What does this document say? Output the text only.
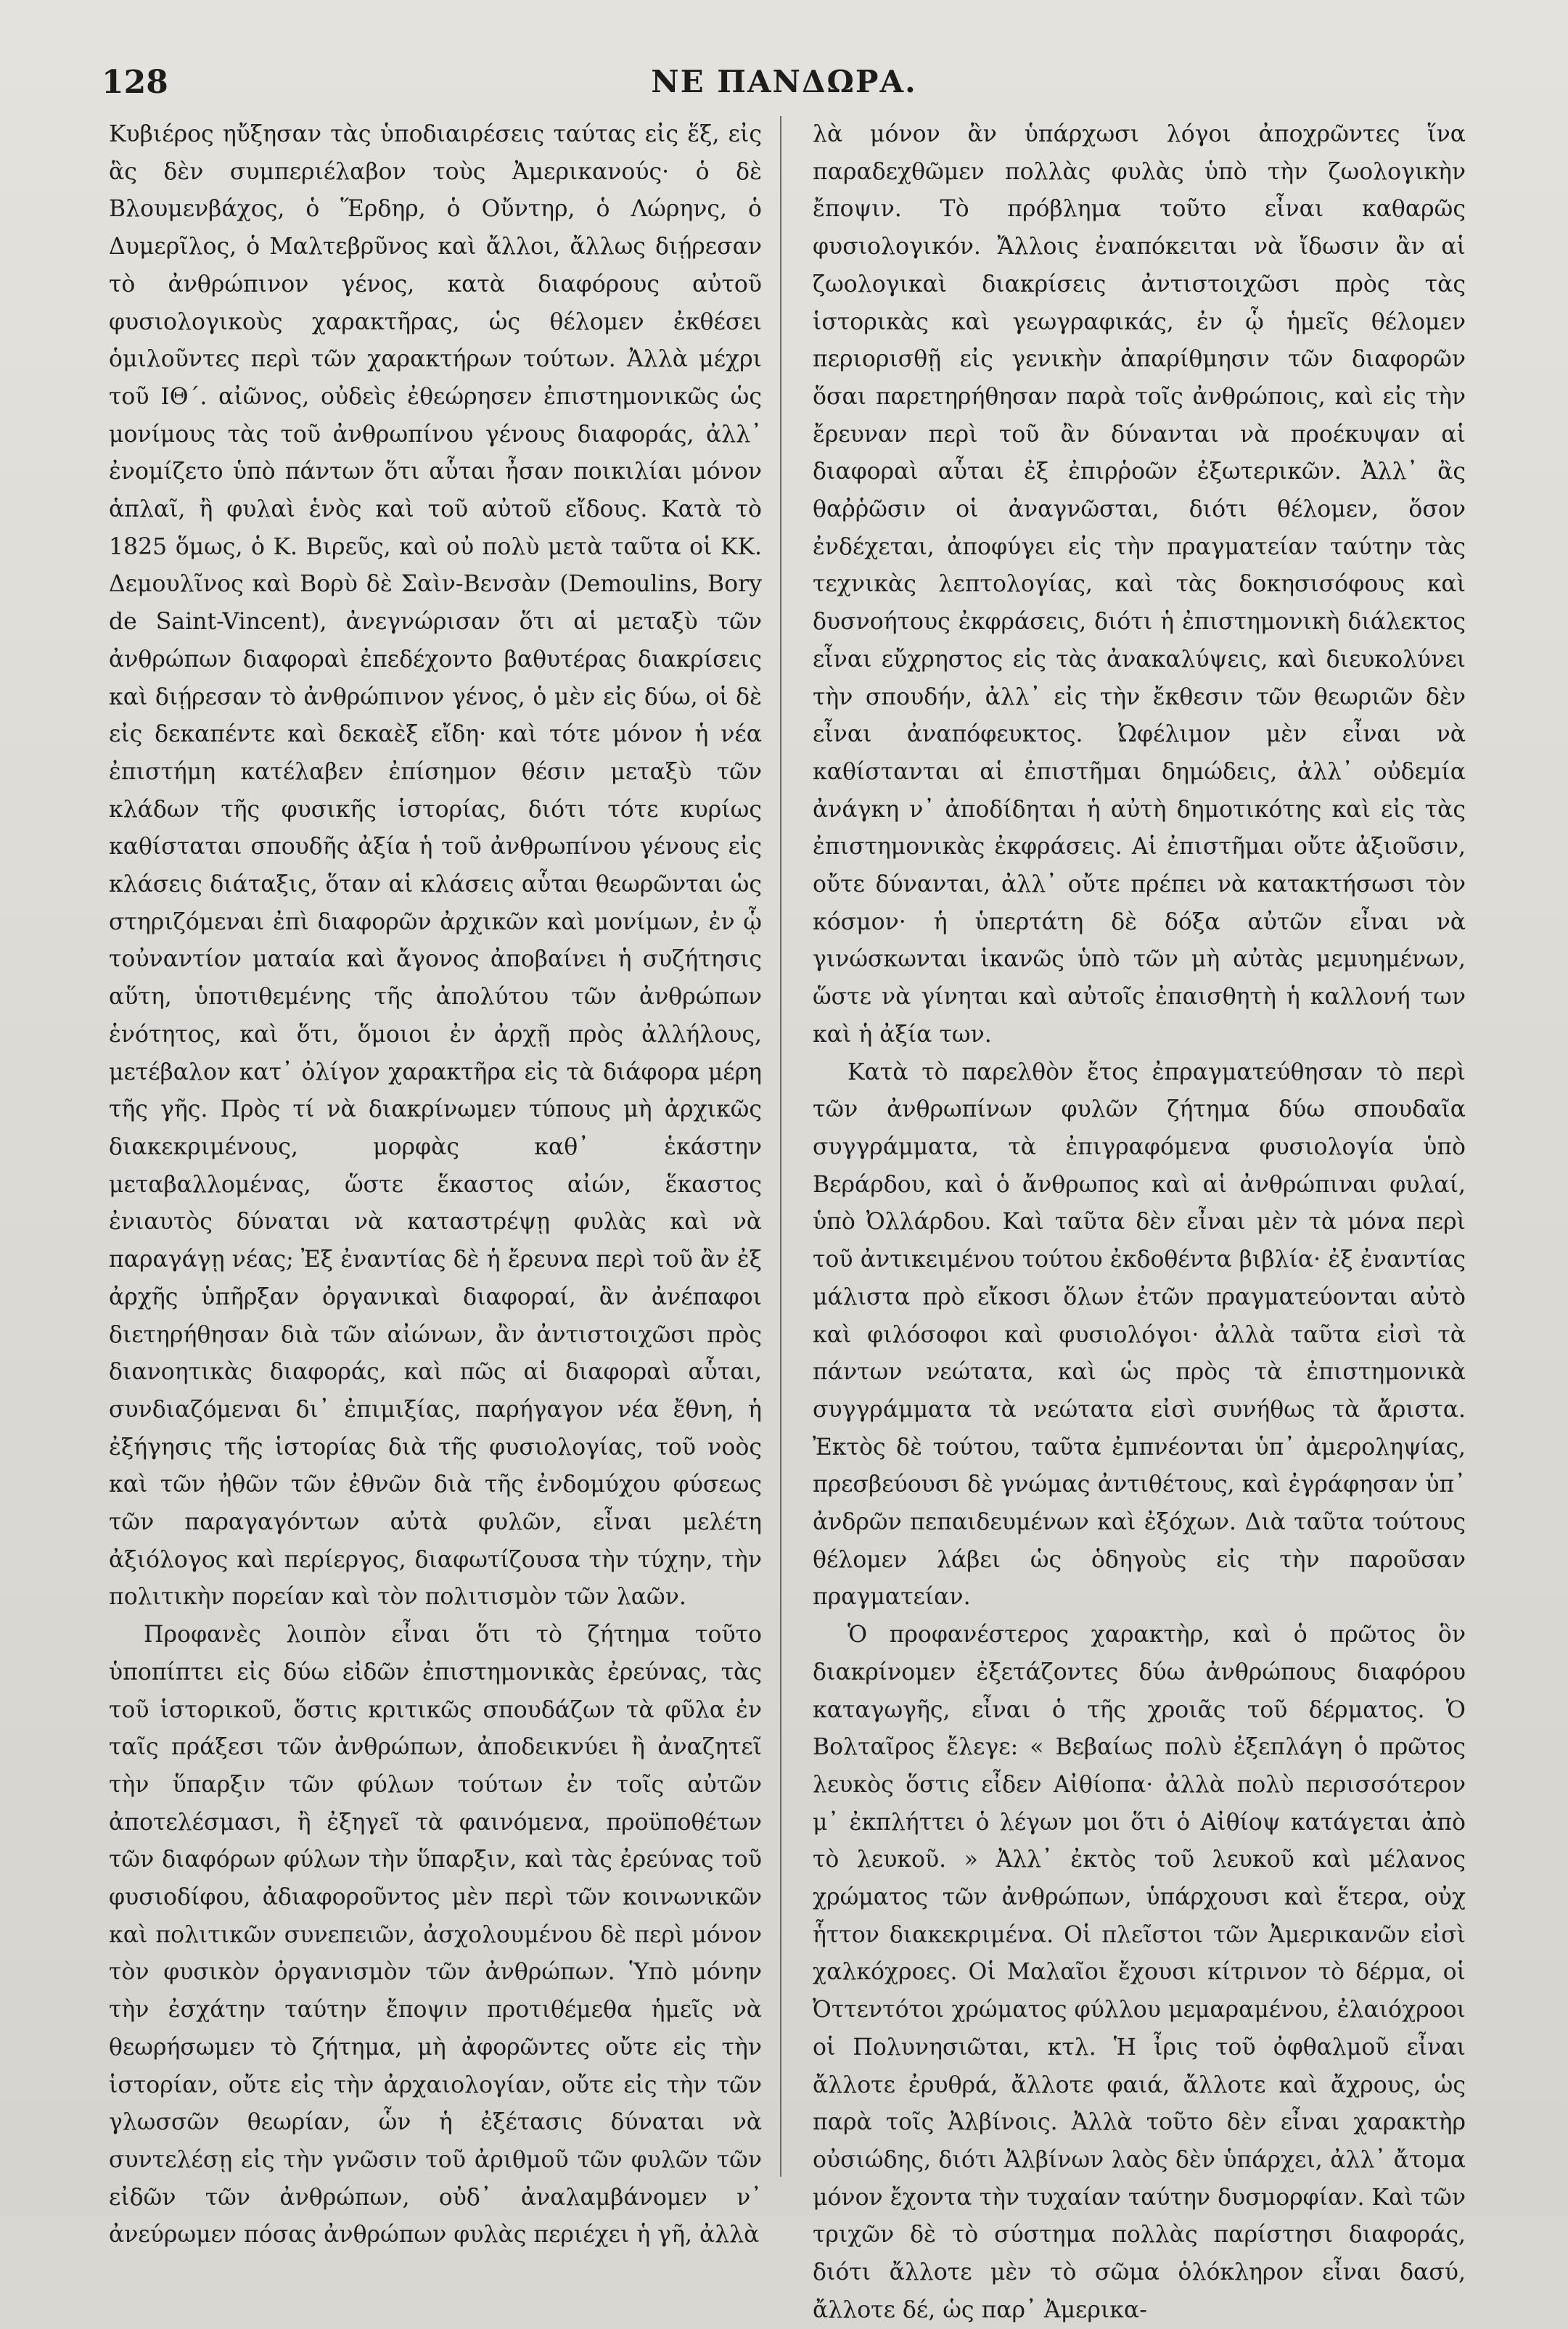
128	ΝΕ ΠΑΝΔΩΡΑ.

Κυβιέρος ηὔξησαν τὰς ὑποδιαιρέσεις ταύτας εἰς ἕξ, εἰς ἃς δὲν συμπεριέλαβον τοὺς Ἀμερικανούς· ὁ δὲ Βλουμενβάχος, ὁ Ἕρδηρ, ὁ Οὔντηρ, ὁ Λώρηνς, ὁ Δυμερῖλος, ὁ Μαλτεβρῦνος καὶ ἄλλοι, ἄλλως διῄρεσαν τὸ ἀνθρώπινον γένος, κατὰ διαφόρους αὐτοῦ φυσιολογικοὺς χαρακτῆρας, ὡς θέλομεν ἐκθέσει ὁμιλοῦντες περὶ τῶν χαρακτήρων τούτων. Ἀλλὰ μέχρι τοῦ ΙΘ΄. αἰῶνος, οὐδεὶς ἐθεώρησεν ἐπιστημονικῶς ὡς μονίμους τὰς τοῦ ἀνθρωπίνου γένους διαφοράς, ἀλλ᾽ ἐνομίζετο ὑπὸ πάντων ὅτι αὗται ἦσαν ποικιλίαι μόνον ἁπλαῖ, ἢ φυλαὶ ἑνὸς καὶ τοῦ αὐτοῦ εἴδους. Κατὰ τὸ 1825 ὅμως, ὁ Κ. Βιρεῦς, καὶ οὐ πολὺ μετὰ ταῦτα οἱ ΚΚ. Δεμουλῖνος καὶ Βορὺ δὲ Σαὶν-Βενσὰν (Demoulins, Bory de Saint-Vincent), ἀνεγνώρισαν ὅτι αἱ μεταξὺ τῶν ἀνθρώπων διαφοραὶ ἐπεδέχοντο βαθυτέρας διακρίσεις καὶ διῄρεσαν τὸ ἀνθρώπινον γένος, ὁ μὲν εἰς δύω, οἱ δὲ εἰς δεκαπέντε καὶ δεκαὲξ εἴδη· καὶ τότε μόνον ἡ νέα ἐπιστήμη κατέλαβεν ἐπίσημον θέσιν μεταξὺ τῶν κλάδων τῆς φυσικῆς ἱστορίας, διότι τότε κυρίως καθίσταται σπουδῆς ἀξία ἡ τοῦ ἀνθρωπίνου γένους εἰς κλάσεις διάταξις, ὅταν αἱ κλάσεις αὗται θεωρῶνται ὡς στηριζόμεναι ἐπὶ διαφορῶν ἀρχικῶν καὶ μονίμων, ἐν ᾧ τοὐναντίον ματαία καὶ ἄγονος ἀποβαίνει ἡ συζήτησις αὕτη, ὑποτιθεμένης τῆς ἀπολύτου τῶν ἀνθρώπων ἑνότητος, καὶ ὅτι, ὅμοιοι ἐν ἀρχῇ πρὸς ἀλλήλους, μετέβαλον κατ᾽ ὀλίγον χαρακτῆρα εἰς τὰ διάφορα μέρη τῆς γῆς. Πρὸς τί νὰ διακρίνωμεν τύπους μὴ ἀρχικῶς διακεκριμένους, μορφὰς καθ᾽ ἑκάστην μεταβαλλομένας, ὥστε ἕκαστος αἰών, ἕκαστος ἐνιαυτὸς δύναται νὰ καταστρέψῃ φυλὰς καὶ νὰ παραγάγῃ νέας; Ἐξ ἐναντίας δὲ ἡ ἔρευνα περὶ τοῦ ἂν ἐξ ἀρχῆς ὑπῆρξαν ὀργανικαὶ διαφοραί, ἂν ἀνέπαφοι διετηρήθησαν διὰ τῶν αἰώνων, ἂν ἀντιστοιχῶσι πρὸς διανοητικὰς διαφοράς, καὶ πῶς αἱ διαφοραὶ αὗται, συνδιαζόμεναι δι᾽ ἐπιμιξίας, παρήγαγον νέα ἔθνη, ἡ ἐξήγησις τῆς ἱστορίας διὰ τῆς φυσιολογίας, τοῦ νοὸς καὶ τῶν ἠθῶν τῶν ἐθνῶν διὰ τῆς ἐνδομύχου φύσεως τῶν παραγαγόντων αὐτὰ φυλῶν, εἶναι μελέτη ἀξιόλογος καὶ περίεργος, διαφωτίζουσα τὴν τύχην, τὴν πολιτικὴν πορείαν καὶ τὸν πολιτισμὸν τῶν λαῶν.

Προφανὲς λοιπὸν εἶναι ὅτι τὸ ζήτημα τοῦτο ὑποπίπτει εἰς δύω εἰδῶν ἐπιστημονικὰς ἐρεύνας, τὰς τοῦ ἱστορικοῦ, ὅστις κριτικῶς σπουδάζων τὰ φῦλα ἐν ταῖς πράξεσι τῶν ἀνθρώπων, ἀποδεικνύει ἢ ἀναζητεῖ τὴν ὕπαρξιν τῶν φύλων τούτων ἐν τοῖς αὐτῶν ἀποτελέσμασι, ἢ ἐξηγεῖ τὰ φαινόμενα, προϋποθέτων τῶν διαφόρων φύλων τὴν ὕπαρξιν, καὶ τὰς ἐρεύνας τοῦ φυσιοδίφου, ἀδιαφοροῦντος μὲν περὶ τῶν κοινωνικῶν καὶ πολιτικῶν συνεπειῶν, ἀσχολουμένου δὲ περὶ μόνον τὸν φυσικὸν ὀργανισμὸν τῶν ἀνθρώπων. Ὑπὸ μόνην τὴν ἐσχάτην ταύτην ἔποψιν προτιθέμεθα ἡμεῖς νὰ θεωρήσωμεν τὸ ζήτημα, μὴ ἀφορῶντες οὔτε εἰς τὴν ἱστορίαν, οὔτε εἰς τὴν ἀρχαιολογίαν, οὔτε εἰς τὴν τῶν γλωσσῶν θεωρίαν, ὧν ἡ ἐξέτασις δύναται νὰ συντελέσῃ εἰς τὴν γνῶσιν τοῦ ἀριθμοῦ τῶν φυλῶν τῶν εἰδῶν τῶν ἀνθρώπων, οὐδ᾽ ἀναλαμβάνομεν ν᾽ ἀνεύρωμεν πόσας ἀνθρώπων φυλὰς περιέχει ἡ γῆ, ἀλλὰ

λὰ μόνον ἂν ὑπάρχωσι λόγοι ἀποχρῶντες ἵνα παραδεχθῶμεν πολλὰς φυλὰς ὑπὸ τὴν ζωολογικὴν ἔποψιν. Τὸ πρόβλημα τοῦτο εἶναι καθαρῶς φυσιολογικόν. Ἄλλοις ἐναπόκειται νὰ ἴδωσιν ἂν αἱ ζωολογικαὶ διακρίσεις ἀντιστοιχῶσι πρὸς τὰς ἱστορικὰς καὶ γεωγραφικάς, ἐν ᾧ ἡμεῖς θέλομεν περιορισθῇ εἰς γενικὴν ἀπαρίθμησιν τῶν διαφορῶν ὅσαι παρετηρήθησαν παρὰ τοῖς ἀνθρώποις, καὶ εἰς τὴν ἔρευναν περὶ τοῦ ἂν δύνανται νὰ προέκυψαν αἱ διαφοραὶ αὗται ἐξ ἐπιρῥοῶν ἐξωτερικῶν. Ἀλλ᾽ ἂς θαῤῥῶσιν οἱ ἀναγνῶσται, διότι θέλομεν, ὅσον ἐνδέχεται, ἀποφύγει εἰς τὴν πραγματείαν ταύτην τὰς τεχνικὰς λεπτολογίας, καὶ τὰς δοκησισόφους καὶ δυσνοήτους ἐκφράσεις, διότι ἡ ἐπιστημονικὴ διάλεκτος εἶναι εὔχρηστος εἰς τὰς ἀνακαλύψεις, καὶ διευκολύνει τὴν σπουδήν, ἀλλ᾽ εἰς τὴν ἔκθεσιν τῶν θεωριῶν δὲν εἶναι ἀναπόφευκτος. Ὠφέλιμον μὲν εἶναι νὰ καθίστανται αἱ ἐπιστῆμαι δημώδεις, ἀλλ᾽ οὐδεμία ἀνάγκη ν᾽ ἀποδίδηται ἡ αὐτὴ δημοτικότης καὶ εἰς τὰς ἐπιστημονικὰς ἐκφράσεις. Αἱ ἐπιστῆμαι οὔτε ἀξιοῦσιν, οὔτε δύνανται, ἀλλ᾽ οὔτε πρέπει νὰ κατακτήσωσι τὸν κόσμον· ἡ ὑπερτάτη δὲ δόξα αὐτῶν εἶναι νὰ γινώσκωνται ἱκανῶς ὑπὸ τῶν μὴ αὐτὰς μεμυημένων, ὥστε νὰ γίνηται καὶ αὐτοῖς ἐπαισθητὴ ἡ καλλονή των καὶ ἡ ἀξία των.

Κατὰ τὸ παρελθὸν ἔτος ἐπραγματεύθησαν τὸ περὶ τῶν ἀνθρωπίνων φυλῶν ζήτημα δύω σπουδαῖα συγγράμματα, τὰ ἐπιγραφόμενα φυσιολογία ὑπὸ Βεράρδου, καὶ ὁ ἄνθρωπος καὶ αἱ ἀνθρώπιναι φυλαί, ὑπὸ Ὀλλάρδου. Καὶ ταῦτα δὲν εἶναι μὲν τὰ μόνα περὶ τοῦ ἀντικειμένου τούτου ἐκδοθέντα βιβλία· ἐξ ἐναντίας μάλιστα πρὸ εἴκοσι ὅλων ἐτῶν πραγματεύονται αὐτὸ καὶ φιλόσοφοι καὶ φυσιολόγοι· ἀλλὰ ταῦτα εἰσὶ τὰ πάντων νεώτατα, καὶ ὡς πρὸς τὰ ἐπιστημονικὰ συγγράμματα τὰ νεώτατα εἰσὶ συνήθως τὰ ἄριστα. Ἐκτὸς δὲ τούτου, ταῦτα ἐμπνέονται ὑπ᾽ ἀμεροληψίας, πρεσβεύουσι δὲ γνώμας ἀντιθέτους, καὶ ἐγράφησαν ὑπ᾽ ἀνδρῶν πεπαιδευμένων καὶ ἐξόχων. Διὰ ταῦτα τούτους θέλομεν λάβει ὡς ὁδηγοὺς εἰς τὴν παροῦσαν πραγματείαν.

Ὁ προφανέστερος χαρακτὴρ, καὶ ὁ πρῶτος ὃν διακρίνομεν ἐξετάζοντες δύω ἀνθρώπους διαφόρου καταγωγῆς, εἶναι ὁ τῆς χροιᾶς τοῦ δέρματος. Ὁ Βολταῖρος ἔλεγε: « Βεβαίως πολὺ ἐξεπλάγη ὁ πρῶτος λευκὸς ὅστις εἶδεν Αἰθίοπα· ἀλλὰ πολὺ περισσότερον μ᾽ ἐκπλήττει ὁ λέγων μοι ὅτι ὁ Αἰθίοψ κατάγεται ἀπὸ τὸ λευκοῦ. » Ἀλλ᾽ ἐκτὸς τοῦ λευκοῦ καὶ μέλανος χρώματος τῶν ἀνθρώπων, ὑπάρχουσι καὶ ἕτερα, οὐχ ἧττον διακεκριμένα. Οἱ πλεῖστοι τῶν Ἀμερικανῶν εἰσὶ χαλκόχροες. Οἱ Μαλαῖοι ἔχουσι κίτρινον τὸ δέρμα, οἱ Ὀττεντότοι χρώματος φύλλου μεμαραμένου, ἐλαιόχροοι οἱ Πολυνησιῶται, κτλ. Ἡ ἶρις τοῦ ὀφθαλμοῦ εἶναι ἄλλοτε ἐρυθρά, ἄλλοτε φαιά, ἄλλοτε καὶ ἄχρους, ὡς παρὰ τοῖς Ἀλβίνοις. Ἀλλὰ τοῦτο δὲν εἶναι χαρακτὴρ οὐσιώδης, διότι Ἀλβίνων λαὸς δὲν ὑπάρχει, ἀλλ᾽ ἄτομα μόνον ἔχοντα τὴν τυχαίαν ταύτην δυσμορφίαν. Καὶ τῶν τριχῶν δὲ τὸ σύστημα πολλὰς παρίστησι διαφοράς, διότι ἄλλοτε μὲν τὸ σῶμα ὁλόκληρον εἶναι δασύ, ἄλλοτε δέ, ὡς παρ᾽ Ἀμερικα-
